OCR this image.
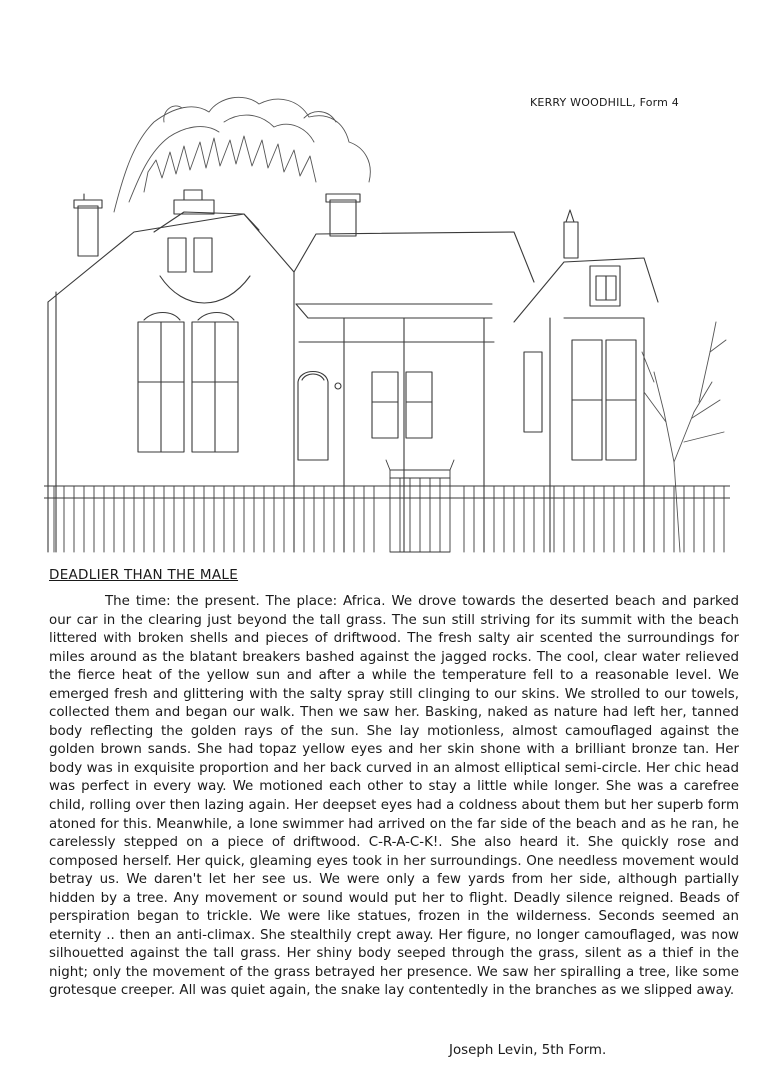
KERRY WOODHILL, Form 4
DEADLIER THAN THE MALE

The time: the present. The place: Africa. We drove towards the deserted beach and parked our car in the clearing just beyond the tall grass. The sun still striving for its summit with the beach littered with broken shells and pieces of driftwood. The fresh salty air scented the surroundings for miles around as the blatant breakers bashed against the jagged rocks. The cool, clear water relieved the fierce heat of the yellow sun and after a while the temperature fell to a reasonable level. We emerged fresh and glittering with the salty spray still clinging to our skins. We strolled to our towels, collected them and began our walk. Then we saw her. Basking, naked as nature had left her, tanned body reflecting the golden rays of the sun. She lay motionless, almost camouflaged against the golden brown sands. She had topaz yellow eyes and her skin shone with a brilliant bronze tan. Her body was in exquisite proportion and her back curved in an almost elliptical semi-circle. Her chic head was perfect in every way. We motioned each other to stay a little while longer. She was a carefree child, rolling over then lazing again. Her deepset eyes had a coldness about them but her superb form atoned for this. Meanwhile, a lone swimmer had arrived on the far side of the beach and as he ran, he carelessly stepped on a piece of driftwood. C-R-A-C-K!. She also heard it. She quickly rose and composed herself. Her quick, gleaming eyes took in her surroundings. One needless movement would betray us. We daren't let her see us. We were only a few yards from her side, although partially hidden by a tree. Any movement or sound would put her to flight. Deadly silence reigned. Beads of perspiration began to trickle. We were like statues, frozen in the wilderness. Seconds seemed an eternity .. then an anti-climax. She stealthily crept away. Her figure, no longer camouflaged, was now silhouetted against the tall grass. Her shiny body seeped through the grass, silent as a thief in the night; only the movement of the grass betrayed her presence. We saw her spiralling a tree, like some grotesque creeper. All was quiet again, the snake lay contentedly in the branches as we slipped away.

Joseph Levin, 5th Form.
